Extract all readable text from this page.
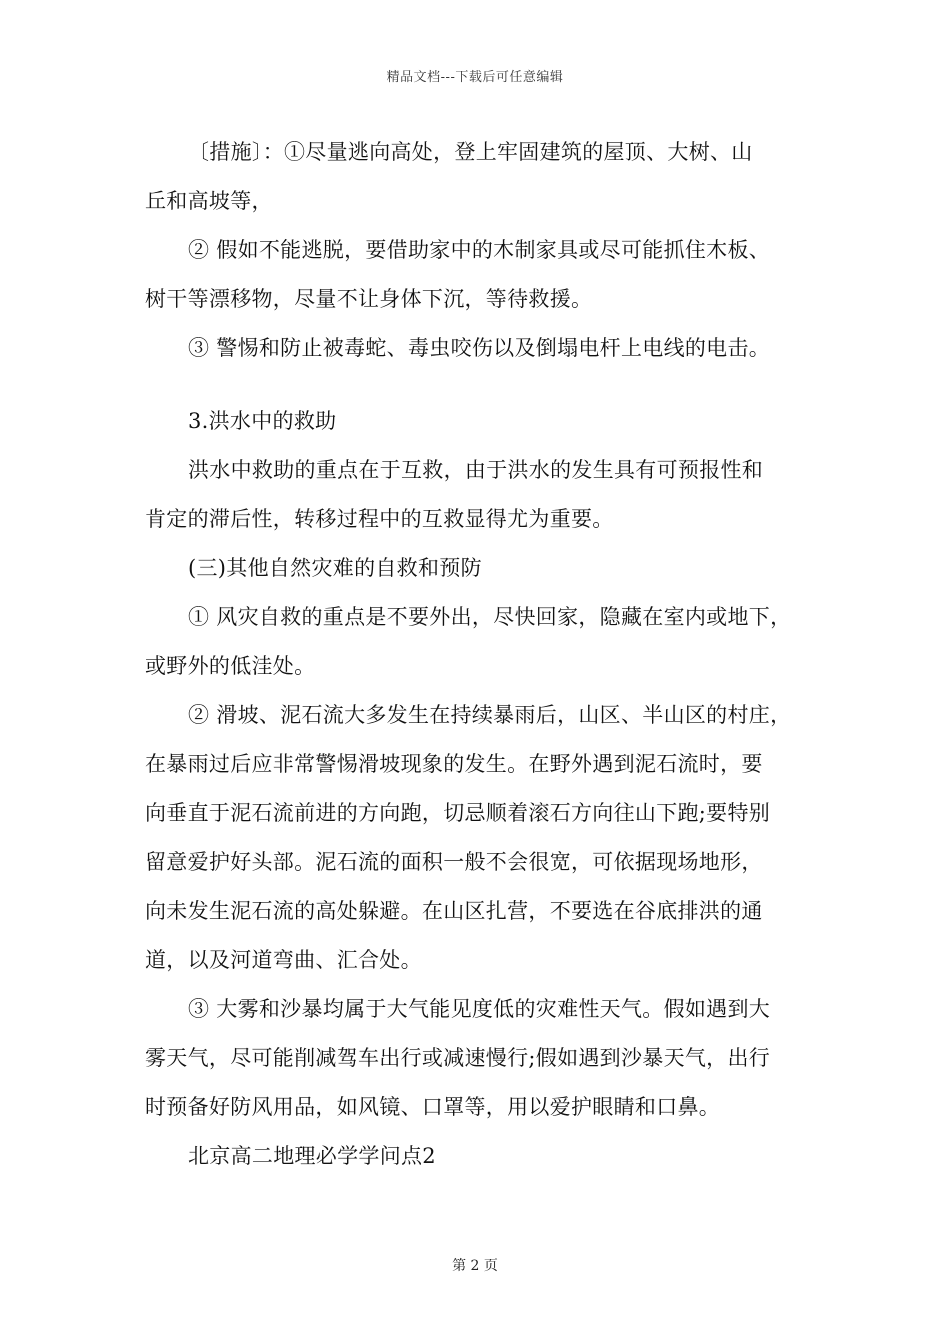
精品文档---下载后可任意编辑
〔措施〕：①尽量逃向高处，登上牢固建筑的屋顶、大树、山
丘和高坡等，
② 假如不能逃脱，要借助家中的木制家具或尽可能抓住木板、
树干等漂移物，尽量不让身体下沉，等待救援。
③ 警惕和防止被毒蛇、毒虫咬伤以及倒塌电杆上电线的电击。
3.洪水中的救助
洪水中救助的重点在于互救，由于洪水的发生具有可预报性和
肯定的滞后性，转移过程中的互救显得尤为重要。
(三)其他自然灾难的自救和预防
① 风灾自救的重点是不要外出，尽快回家，隐藏在室内或地下，
或野外的低洼处。
② 滑坡、泥石流大多发生在持续暴雨后，山区、半山区的村庄，
在暴雨过后应非常警惕滑坡现象的发生。在野外遇到泥石流时，要
向垂直于泥石流前进的方向跑，切忌顺着滚石方向往山下跑;要特别
留意爱护好头部。泥石流的面积一般不会很宽，可依据现场地形，
向未发生泥石流的高处躲避。在山区扎营，不要选在谷底排洪的通
道，以及河道弯曲、汇合处。
③ 大雾和沙暴均属于大气能见度低的灾难性天气。假如遇到大
雾天气，尽可能削减驾车出行或减速慢行;假如遇到沙暴天气，出行
时预备好防风用品，如风镜、口罩等，用以爱护眼睛和口鼻。
北京高二地理必学学问点2
第 2 页
